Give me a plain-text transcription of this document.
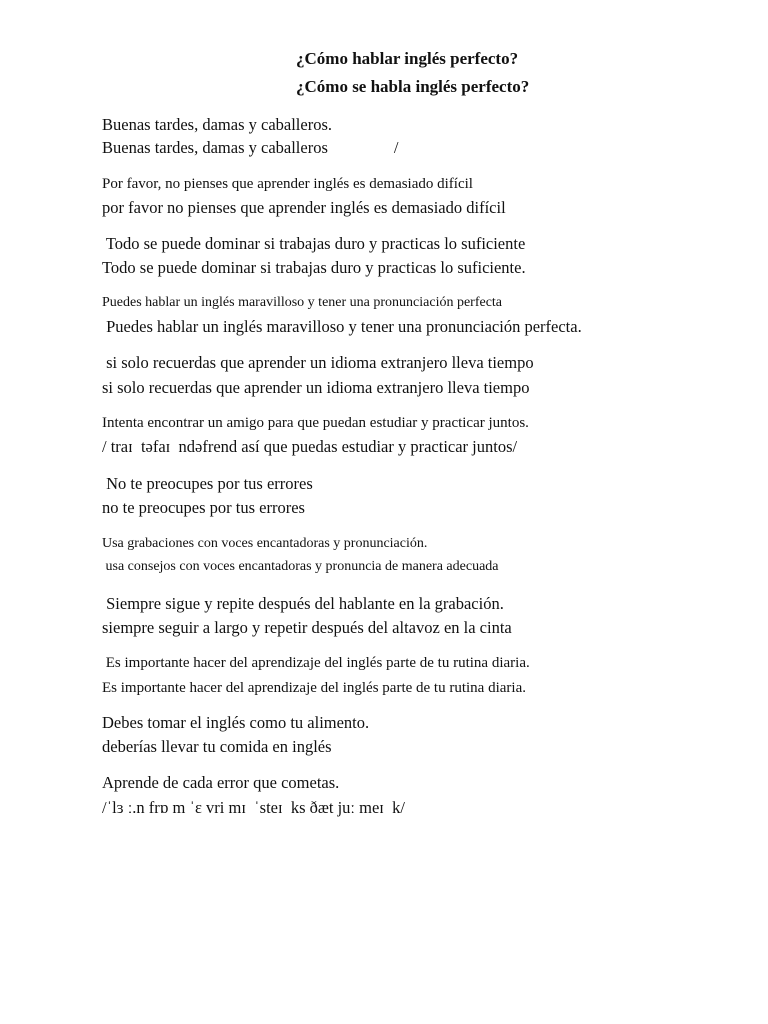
¿Cómo hablar inglés perfecto?
¿Cómo se habla inglés perfecto?
Buenas tardes, damas y caballeros.
Buenas tardes, damas y caballeros                /
Por favor, no pienses que aprender inglés es demasiado difícil
por favor no pienses que aprender inglés es demasiado difícil
Todo se puede dominar si trabajas duro y practicas lo suficiente
Todo se puede dominar si trabajas duro y practicas lo suficiente.
Puedes hablar un inglés maravilloso y tener una pronunciación perfecta
Puedes hablar un inglés maravilloso y tener una pronunciación perfecta.
si solo recuerdas que aprender un idioma extranjero lleva tiempo
si solo recuerdas que aprender un idioma extranjero lleva tiempo
Intenta encontrar un amigo para que puedan estudiar y practicar juntos.
/ traɪ  təfaɪ  ndəfrend así que puedas estudiar y practicar juntos/
No te preocupes por tus errores
no te preocupes por tus errores
Usa grabaciones con voces encantadoras y pronunciación.
usa consejos con voces encantadoras y pronuncia de manera adecuada
Siempre sigue y repite después del hablante en la grabación.
siempre seguir a largo y repetir después del altavoz en la cinta
Es importante hacer del aprendizaje del inglés parte de tu rutina diaria.
Es importante hacer del aprendizaje del inglés parte de tu rutina diaria.
Debes tomar el inglés como tu alimento.
deberías llevar tu comida en inglés
Aprende de cada error que cometas.
/ˈlɜ ː.n frɒ m ˈɛ vri mɪ  ˈsteɪ  ks ðæt juː meɪ  k/
